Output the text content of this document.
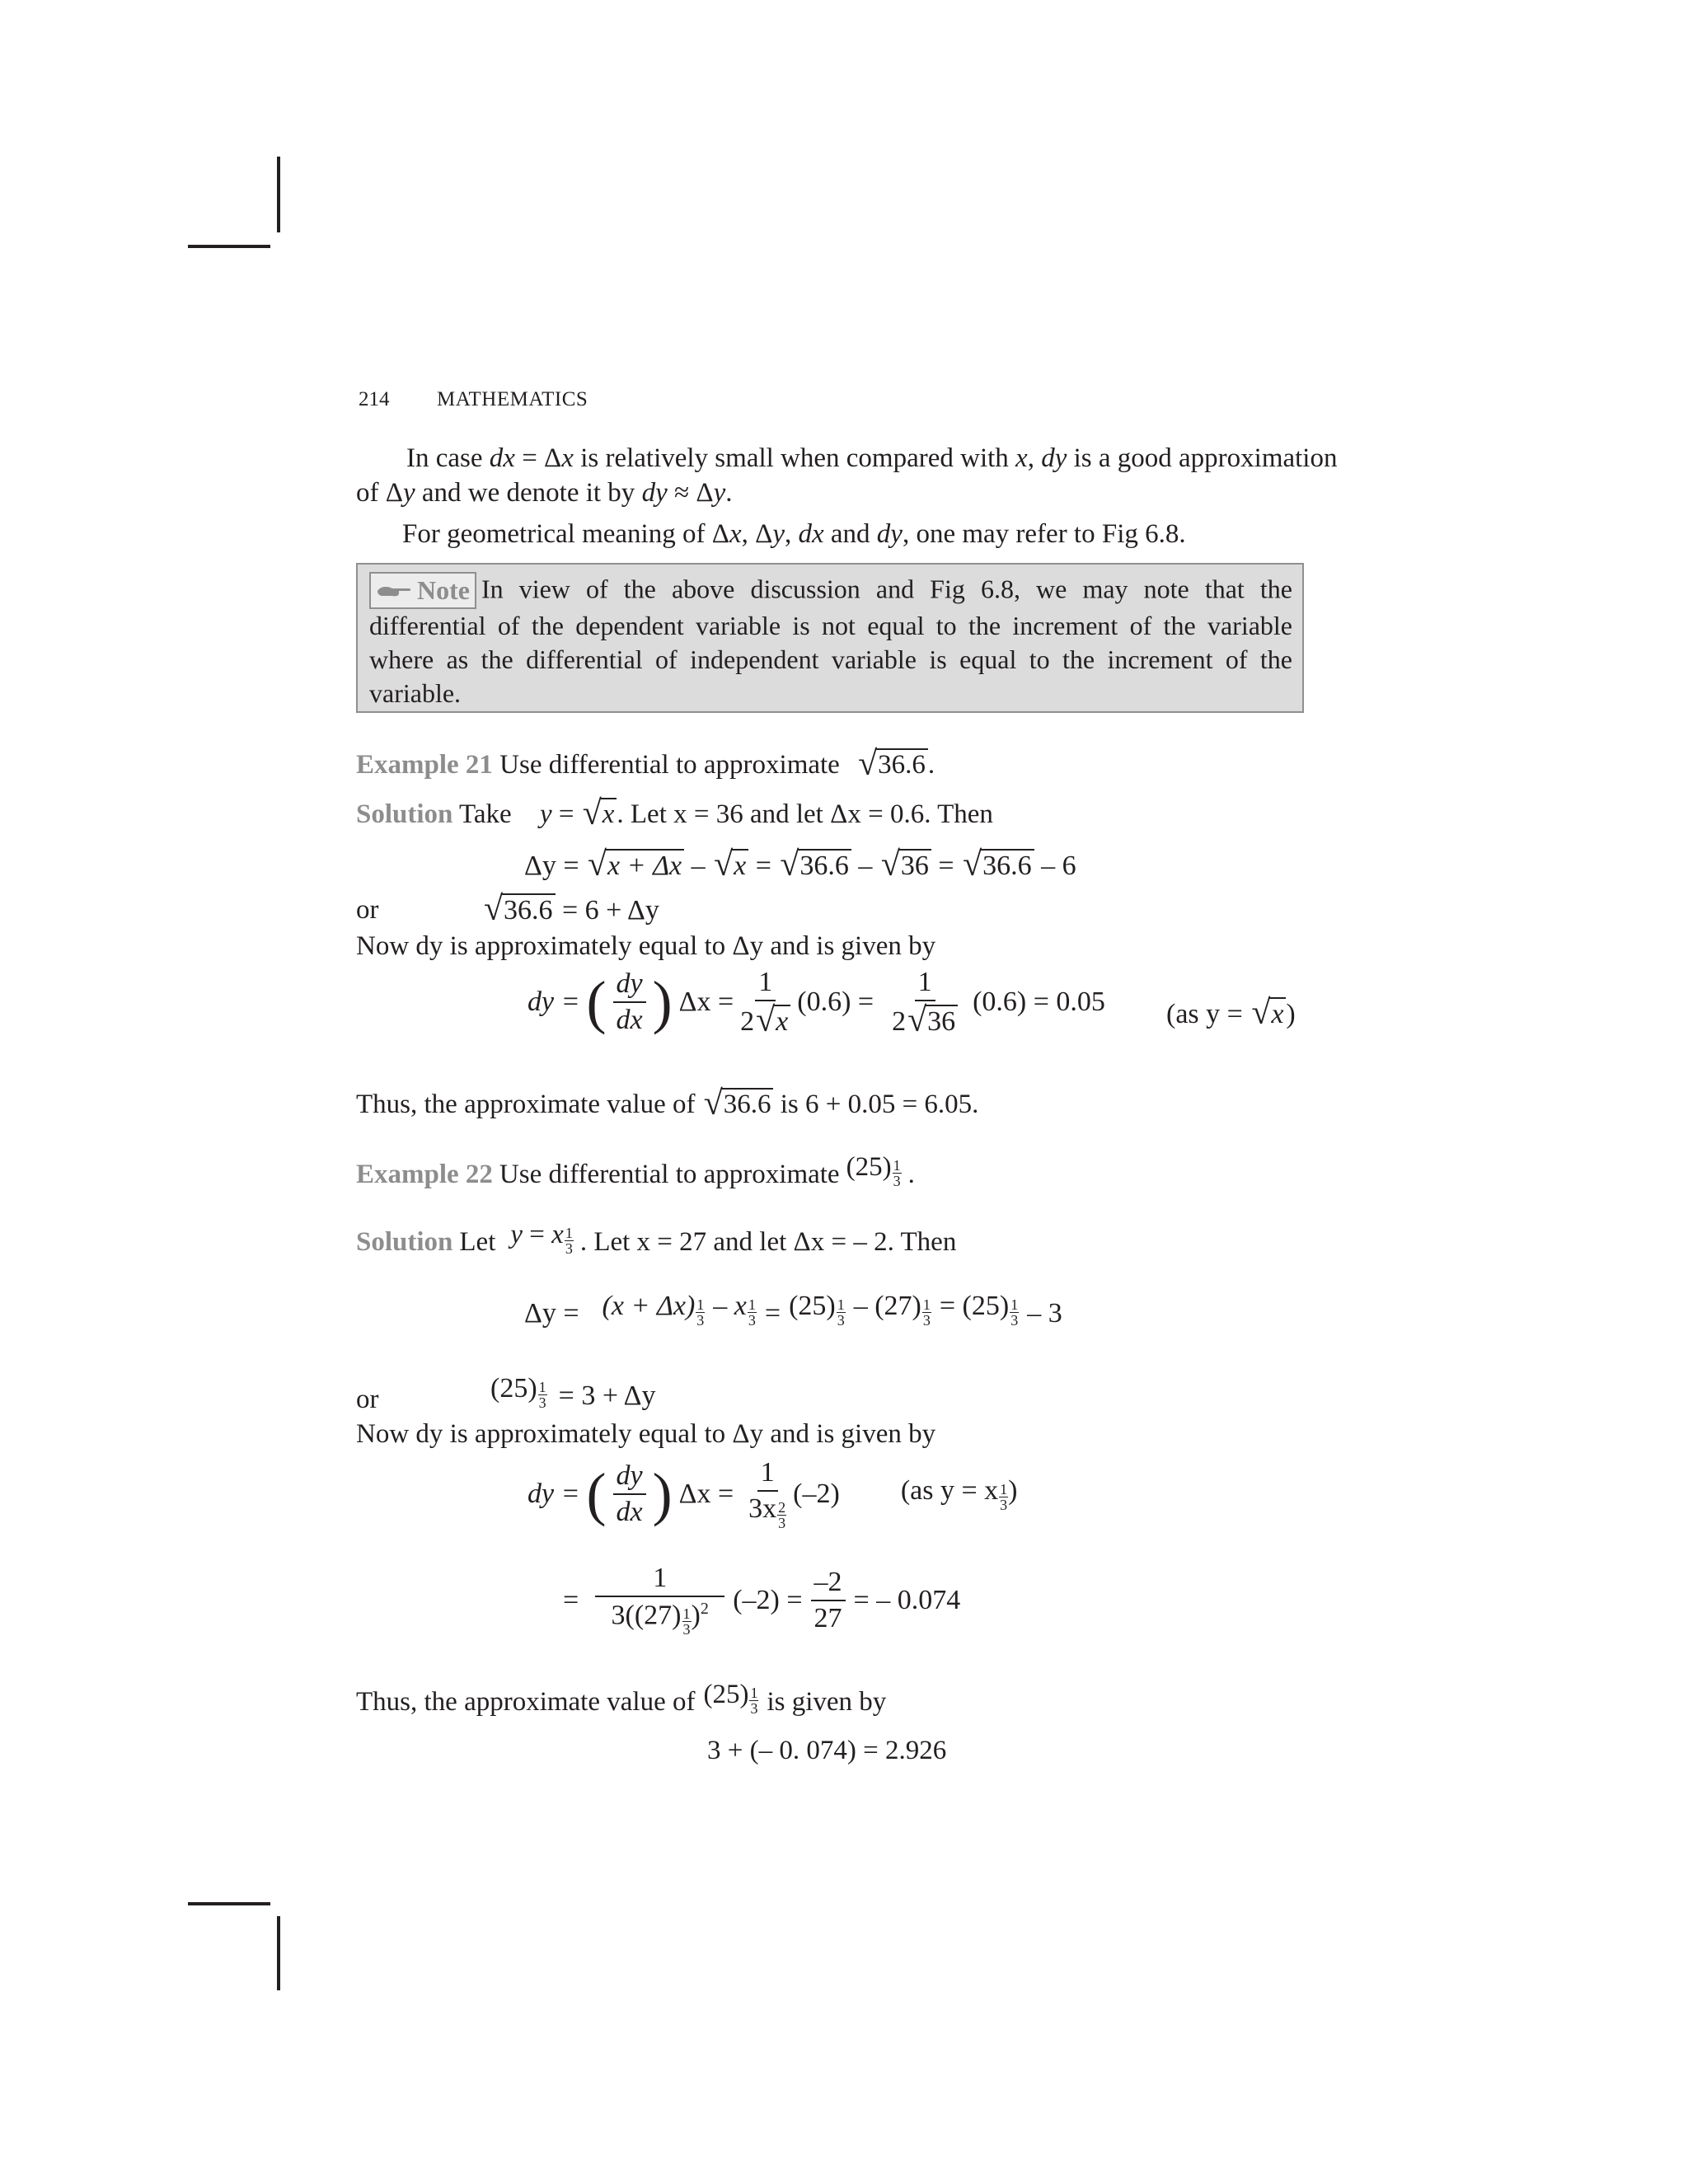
214 MATHEMATICS
In case dx = Δx is relatively small when compared with x, dy is a good approximation
of Δy and we denote it by dy ≈ Δy.
For geometrical meaning of Δx, Δy, dx and dy, one may refer to Fig 6.8.
Note In view of the above discussion and Fig 6.8, we may note that the differential of the dependent variable is not equal to the increment of the variable where as the differential of independent variable is equal to the increment of the variable.
Example 21 Use differential to approximate √ 36.6.
Solution Take y = √ x. Let x = 36 and let Δx = 0.6. Then
Δy = √ x + Δx – √ x = √ 36.6 – √ 36 = √ 36.6 – 6
or	√ 36.6 = 6 + Δy
Now dy is approximately equal to Δy and is given by
dy = ( $\frac{dy}{dx}$ ) $\Delta x = \frac{1}{2 √ x} (0.6) = \frac{1}{2 √ 36} (0.6) = 0.05$ (as y = √ x)
Thus, the approximate value of √ 36.6 is 6 + 0.05 = 6.05.
Example 22 Use differential to approximate $(25) \frac{1}{3}$ .
Solution Let y = x $\frac{1}{3}$ . Let x = 27 and let Δx = – 2. Then
$\Delta y = (x + \Delta x) \frac{1}{3} - x \frac{1}{3} = (25) \frac{1}{3} - (27) \frac{1}{3} = (25) \frac{1}{3} - 3$
or	$(25) \frac{1}{3} = 3 + \Delta y$
Now dy is approximately equal to Δy and is given by
dy = ( $\frac{dy}{dx}$ ) $\Delta x = \frac{1}{3x \frac{2}{3}} (-2)$ (as y = x $\frac{1}{3}$ )
= $\frac{1}{3((27) \frac{1}{3} )^2} (-2) = \frac{-2}{27}$ = – 0.074
Thus, the approximate value of $(25) \frac{1}{3}$ is given by
3 + (– 0. 074) = 2.926
